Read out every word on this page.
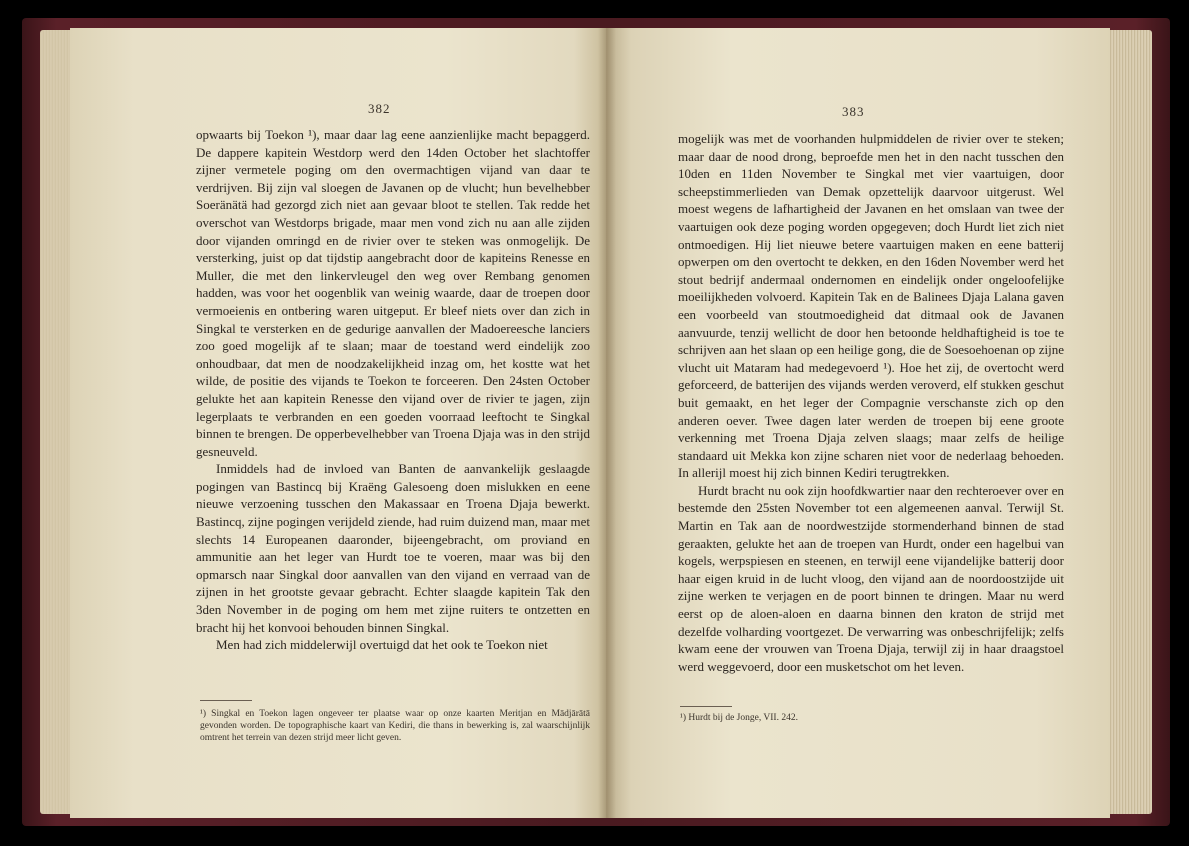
382

opwaarts bij Toekon ¹), maar daar lag eene aanzienlijke macht bepaggerd. De dappere kapitein Westdorp werd den 14den October het slachtoffer zijner vermetele poging om den overmachtigen vijand van daar te verdrijven. Bij zijn val sloegen de Javanen op de vlucht; hun bevelhebber Soeränätä had gezorgd zich niet aan gevaar bloot te stellen. Tak redde het overschot van Westdorps brigade, maar men vond zich nu aan alle zijden door vijanden omringd en de rivier over te steken was onmogelijk. De versterking, juist op dat tijdstip aangebracht door de kapiteins Renesse en Muller, die met den linkervleugel den weg over Rembang genomen hadden, was voor het oogenblik van weinig waarde, daar de troepen door vermoeienis en ontbering waren uitgeput. Er bleef niets over dan zich in Singkal te versterken en de gedurige aanvallen der Madoereesche lanciers zoo goed mogelijk af te slaan; maar de toestand werd eindelijk zoo onhoudbaar, dat men de noodzakelijkheid inzag om, het kostte wat het wilde, de positie des vijands te Toekon te forceeren. Den 24sten October gelukte het aan kapitein Renesse den vijand over de rivier te jagen, zijn legerplaats te verbranden en een goeden voorraad leeftocht te Singkal binnen te brengen. De opperbevelhebber van Troena Djaja was in den strijd gesneuveld.

Inmiddels had de invloed van Banten de aanvankelijk geslaagde pogingen van Bastincq bij Kraëng Galesoeng doen mislukken en eene nieuwe verzoening tusschen den Makassaar en Troena Djaja bewerkt. Bastincq, zijne pogingen verijdeld ziende, had ruim duizend man, maar met slechts 14 Europeanen daaronder, bijeengebracht, om proviand en ammunitie aan het leger van Hurdt toe te voeren, maar was bij den opmarsch naar Singkal door aanvallen van den vijand en verraad van de zijnen in het grootste gevaar gebracht. Echter slaagde kapitein Tak den 3den November in de poging om hem met zijne ruiters te ontzetten en bracht hij het konvooi behouden binnen Singkal.

Men had zich middelerwijl overtuigd dat het ook te Toekon niet

¹) Singkal en Toekon lagen ongeveer ter plaatse waar op onze kaarten Meritjan en Mādjārātā gevonden worden. De topographische kaart van Kediri, die thans in bewerking is, zal waarschijnlijk omtrent het terrein van dezen strijd meer licht geven.

383

mogelijk was met de voorhanden hulpmiddelen de rivier over te steken; maar daar de nood drong, beproefde men het in den nacht tusschen den 10den en 11den November te Singkal met vier vaartuigen, door scheepstimmerlieden van Demak opzettelijk daarvoor uitgerust. Wel moest wegens de lafhartigheid der Javanen en het omslaan van twee der vaartuigen ook deze poging worden opgegeven; doch Hurdt liet zich niet ontmoedigen. Hij liet nieuwe betere vaartuigen maken en eene batterij opwerpen om den overtocht te dekken, en den 16den November werd het stout bedrijf andermaal ondernomen en eindelijk onder ongeloofelijke moeilijkheden volvoerd. Kapitein Tak en de Balinees Djaja Lalana gaven een voorbeeld van stoutmoedigheid dat ditmaal ook de Javanen aanvuurde, tenzij wellicht de door hen betoonde heldhaftigheid is toe te schrijven aan het slaan op een heilige gong, die de Soesoehoenan op zijne vlucht uit Mataram had medegevoerd ¹). Hoe het zij, de overtocht werd geforceerd, de batterijen des vijands werden veroverd, elf stukken geschut buit gemaakt, en het leger der Compagnie verschanste zich op den anderen oever. Twee dagen later werden de troepen bij eene groote verkenning met Troena Djaja zelven slaags; maar zelfs de heilige standaard uit Mekka kon zijne scharen niet voor de nederlaag behoeden. In allerijl moest hij zich binnen Kediri terugtrekken.

Hurdt bracht nu ook zijn hoofdkwartier naar den rechteroever over en bestemde den 25sten November tot een algemeenen aanval. Terwijl St. Martin en Tak aan de noordwestzijde stormenderhand binnen de stad geraakten, gelukte het aan de troepen van Hurdt, onder een hagelbui van kogels, werpspiesen en steenen, en terwijl eene vijandelijke batterij door haar eigen kruid in de lucht vloog, den vijand aan de noordoostzijde uit zijne werken te verjagen en de poort binnen te dringen. Maar nu werd eerst op de aloen-aloen en daarna binnen den kraton de strijd met dezelfde volharding voortgezet. De verwarring was onbeschrijfelijk; zelfs kwam eene der vrouwen van Troena Djaja, terwijl zij in haar draagstoel werd weggevoerd, door een musketschot om het leven.

¹) Hurdt bij de Jonge, VII. 242.
